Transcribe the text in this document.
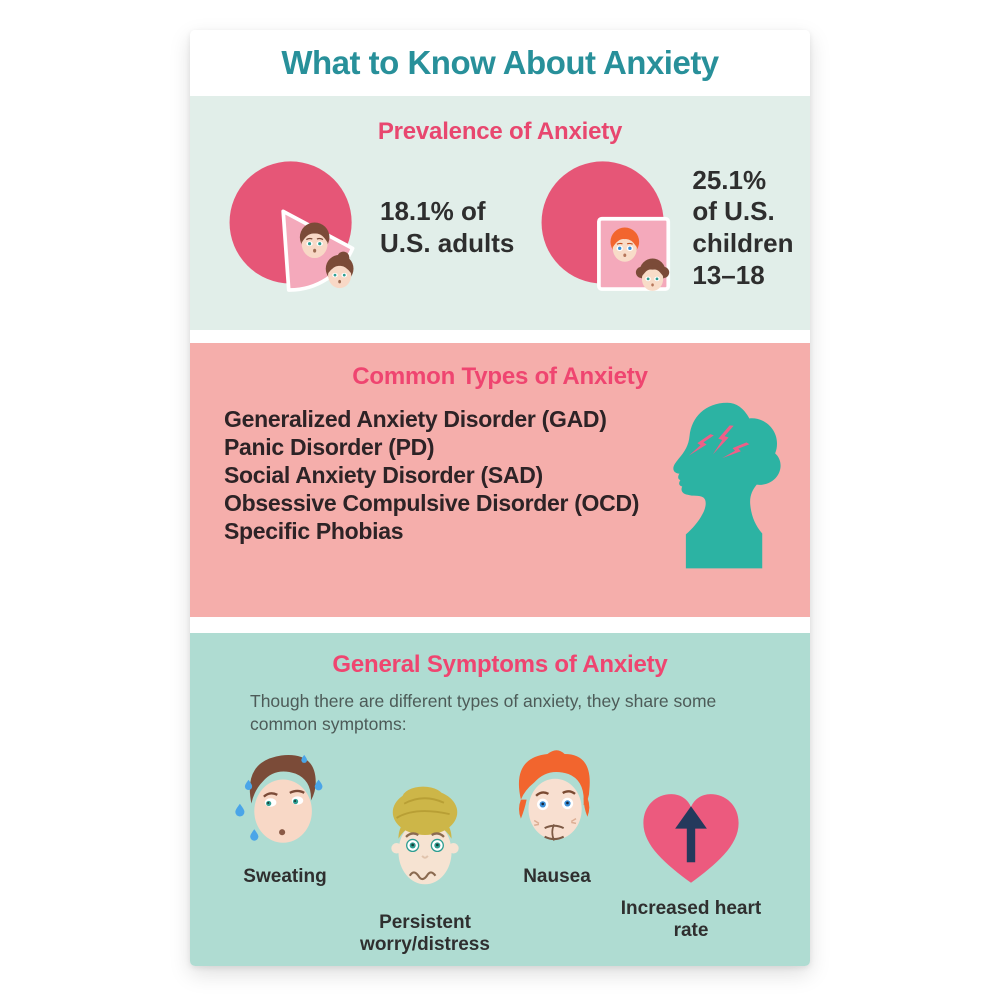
What to Know About Anxiety
Prevalence of Anxiety
18.1% of
U.S. adults
25.1%
of U.S.
children
13–18
Common Types of Anxiety
Generalized Anxiety Disorder (GAD)
Panic Disorder (PD)
Social Anxiety Disorder (SAD)
Obsessive Compulsive Disorder (OCD)
Specific Phobias
General Symptoms of Anxiety

Though there are different types of anxiety, they share some common symptoms:

Sweating
Persistent worry/distress
Nausea
Increased heart rate
